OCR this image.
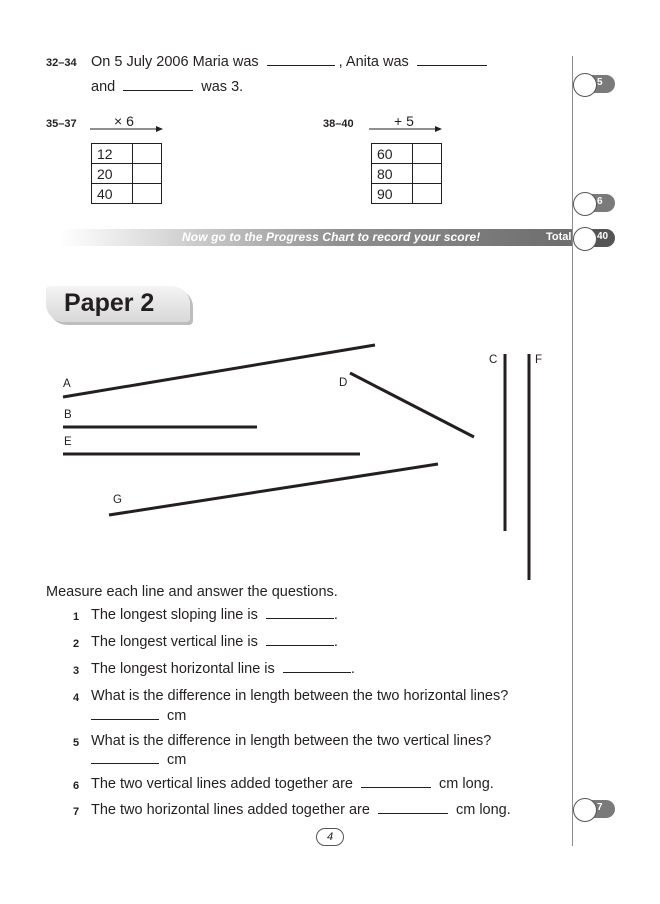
32–34 On 5 July 2006 Maria was	, Anita was
and	was 3.
35–37	× 6
12	
20	
40	
38–40	+ 5
60	
80	
90	
5
6
Now go to the Progress Chart to record your score!	Total	40
Paper 2
A
B
E
D
C	F
G
Measure each line and answer the questions.
1 The longest sloping line is	.
2 The longest vertical line is	.
3 The longest horizontal line is	.
4 What is the difference in length between the two horizontal lines?
cm
5 What is the difference in length between the two vertical lines?
cm
6 The two vertical lines added together are	cm long.
7 The two horizontal lines added together are	cm long.	7
4
